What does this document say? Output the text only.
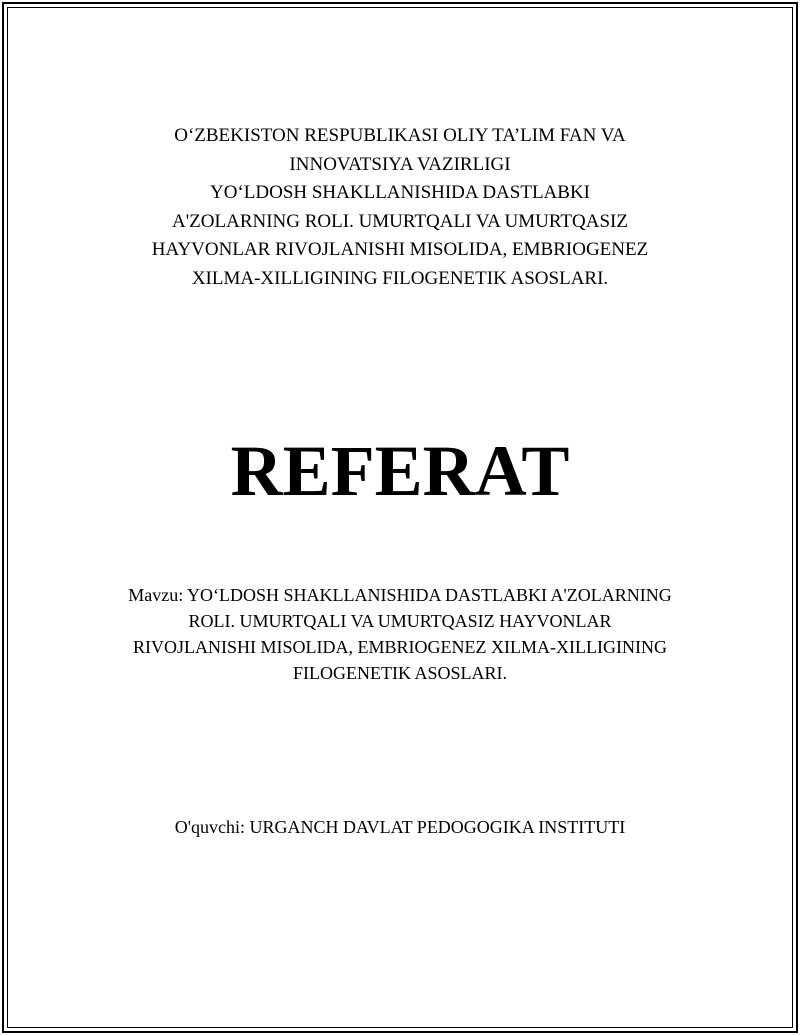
O‘ZBEKISTON RESPUBLIKASI OLIY TA’LIM FAN VA
INNOVATSIYA VAZIRLIGI
YO‘LDOSH SHAKLLANISHIDA DASTLABKI
A'ZOLARNING ROLI. UMURTQALI VA UMURTQASIZ
HAYVONLAR RIVOJLANISHI MISOLIDA, EMBRIOGENEZ
XILMA-XILLIGINING FILOGENETIK ASOSLARI.

REFERAT

Mavzu: YO‘LDOSH SHAKLLANISHIDA DASTLABKI A'ZOLARNING
ROLI. UMURTQALI VA UMURTQASIZ HAYVONLAR
RIVOJLANISHI MISOLIDA, EMBRIOGENEZ XILMA-XILLIGINING
FILOGENETIK ASOSLARI.

O'quvchi: URGANCH DAVLAT PEDOGOGIKA INSTITUTI
